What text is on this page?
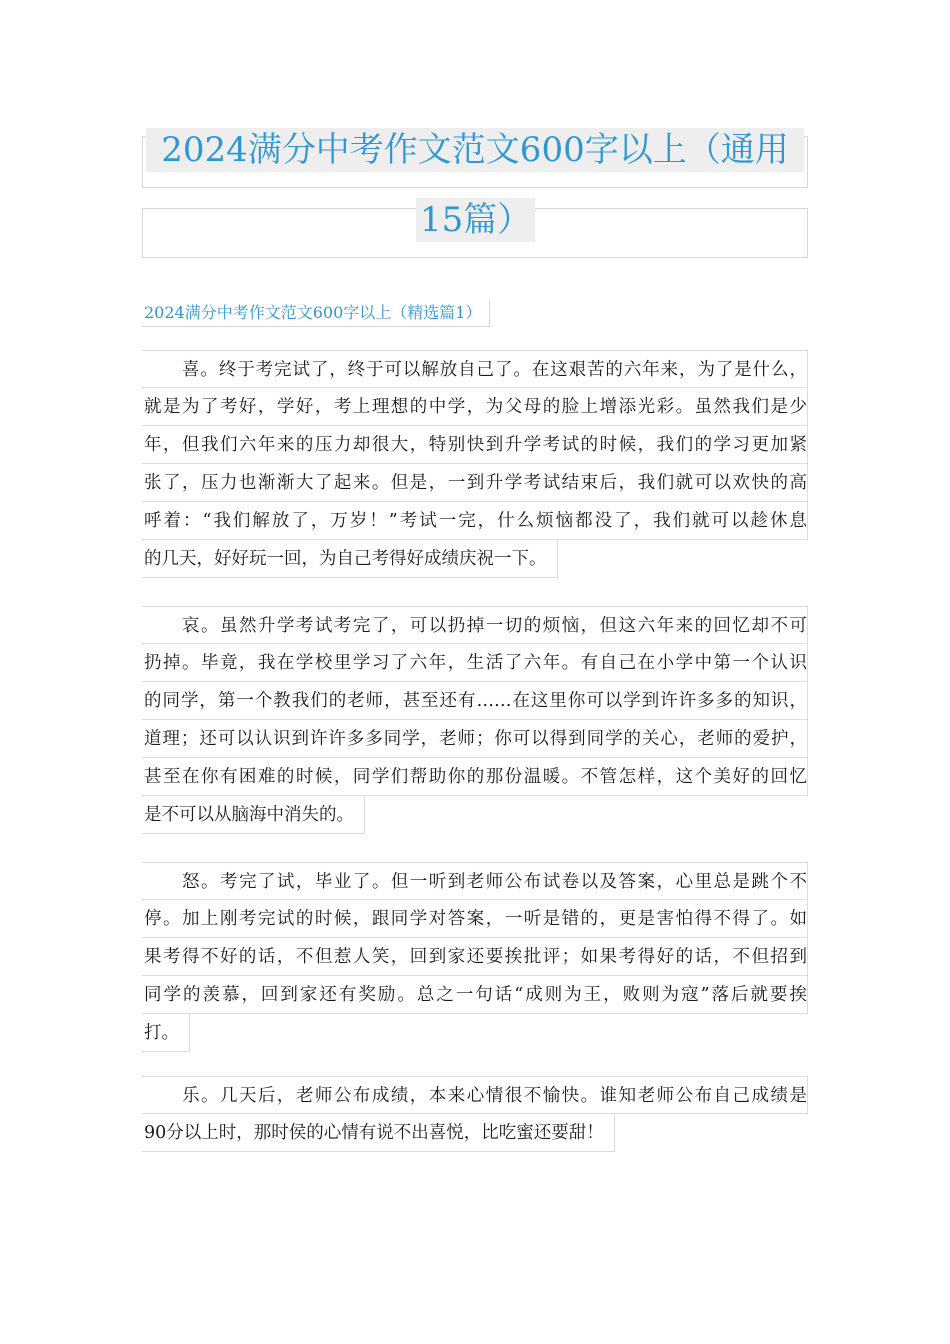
2024满分中考作文范文600字以上（通用
15篇）
2024满分中考作文范文600字以上（精选篇1）
喜。终于考完试了，终于可以解放自己了。在这艰苦的六年来，为了是什么，
就是为了考好，学好，考上理想的中学，为父母的脸上增添光彩。虽然我们是少
年，但我们六年来的压力却很大，特别快到升学考试的时候，我们的学习更加紧
张了，压力也渐渐大了起来。但是，一到升学考试结束后，我们就可以欢快的高
呼着：“我们解放了，万岁！”考试一完，什么烦恼都没了，我们就可以趁休息
的几天，好好玩一回，为自己考得好成绩庆祝一下。
哀。虽然升学考试考完了，可以扔掉一切的烦恼，但这六年来的回忆却不可
扔掉。毕竟，我在学校里学习了六年，生活了六年。有自己在小学中第一个认识
的同学，第一个教我们的老师，甚至还有……在这里你可以学到许许多多的知识，
道理；还可以认识到许许多多同学，老师；你可以得到同学的关心，老师的爱护，
甚至在你有困难的时候，同学们帮助你的那份温暖。不管怎样，这个美好的回忆
是不可以从脑海中消失的。
怒。考完了试，毕业了。但一听到老师公布试卷以及答案，心里总是跳个不
停。加上刚考完试的时候，跟同学对答案，一听是错的，更是害怕得不得了。如
果考得不好的话，不但惹人笑，回到家还要挨批评；如果考得好的话，不但招到
同学的羡慕，回到家还有奖励。总之一句话“成则为王，败则为寇”落后就要挨
打。
乐。几天后，老师公布成绩，本来心情很不愉快。谁知老师公布自己成绩是
90分以上时，那时侯的心情有说不出喜悦，比吃蜜还要甜！
